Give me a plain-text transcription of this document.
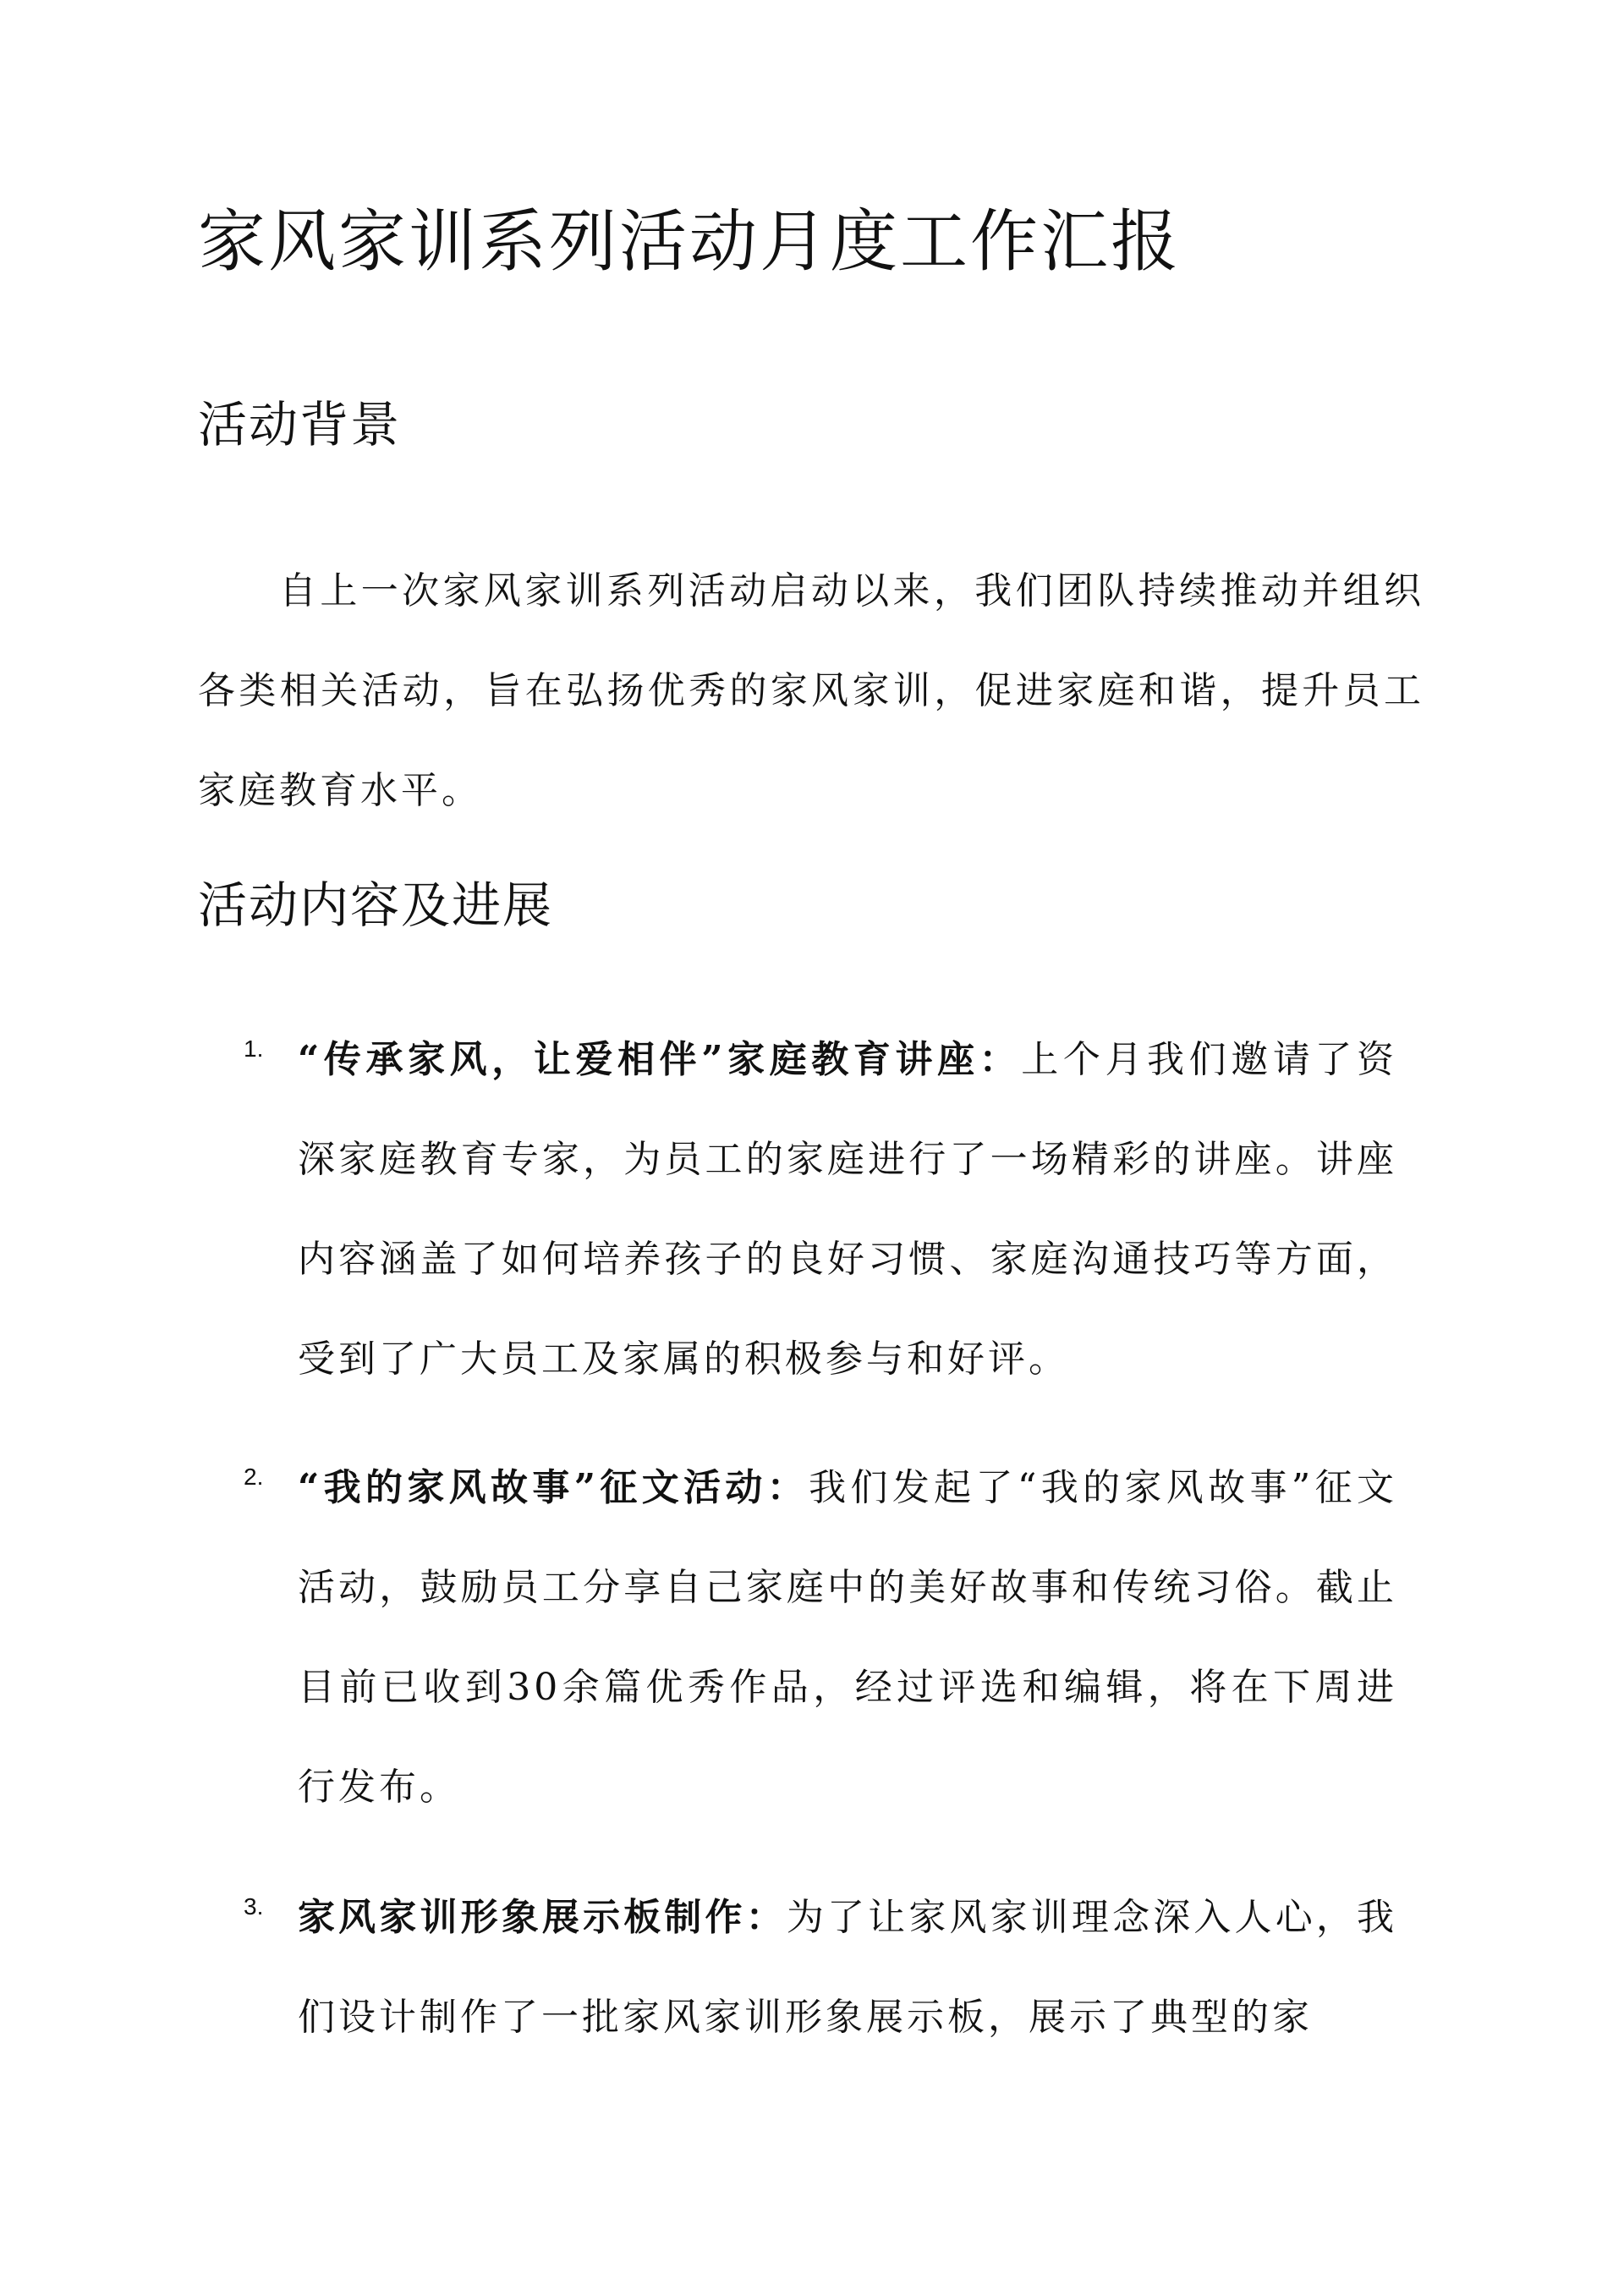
家风家训系列活动月度工作汇报
活动背景

自上一次家风家训系列活动启动以来，我们团队持续推动并组织各类相关活动，旨在弘扬优秀的家风家训，促进家庭和谐，提升员工家庭教育水平。

活动内容及进展
1. “传承家风，让爱相伴”家庭教育讲座：上个月我们邀请了资深家庭教育专家，为员工的家庭进行了一场精彩的讲座。讲座内容涵盖了如何培养孩子的良好习惯、家庭沟通技巧等方面，受到了广大员工及家属的积极参与和好评。

2. “我的家风故事”征文活动：我们发起了“我的家风故事”征文活动，鼓励员工分享自己家庭中的美好故事和传统习俗。截止目前已收到30余篇优秀作品，经过评选和编辑，将在下周进行发布。

3. 家风家训形象展示板制作：为了让家风家训理念深入人心，我们设计制作了一批家风家训形象展示板，展示了典型的家
